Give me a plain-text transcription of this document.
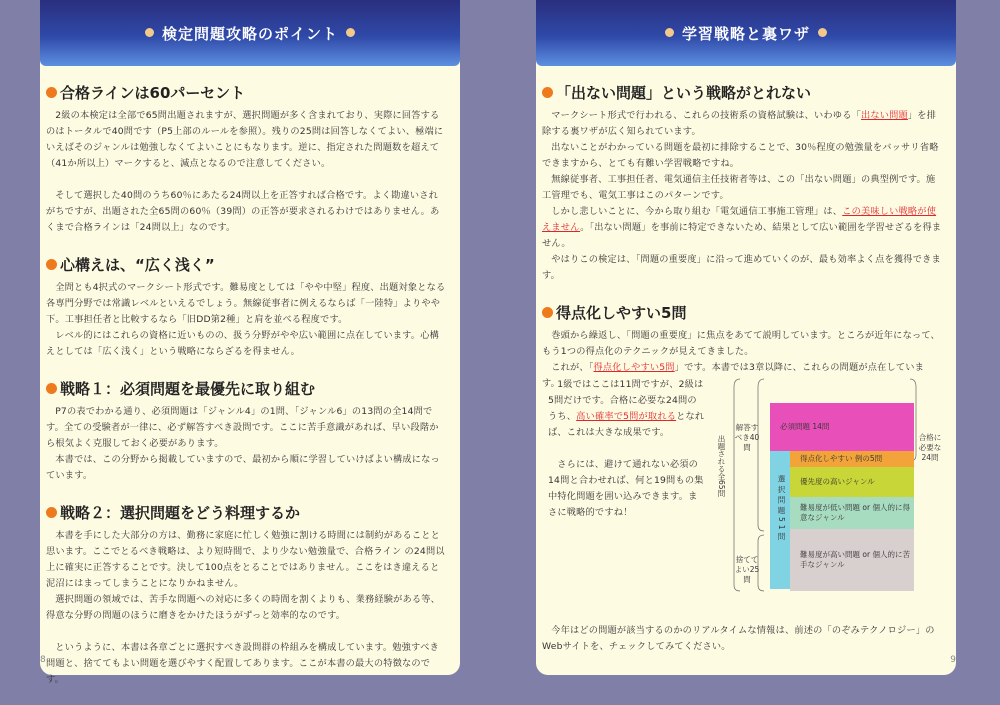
検定問題攻略のポイント
合格ラインは60パーセント
2級の本検定は全部で65問出題されますが、選択問題が多く含まれており、実際に回答するのはトータルで40問です（P5上部のルールを参照）。残りの25問は回答しなくてよい、極端にいえばそのジャンルは勉強しなくてよいことにもなります。逆に、指定された問題数を超えて（41か所以上）マークすると、減点となるので注意してください。
そして選択した40問のうち60％にあたる24問以上を正答すれば合格です。よく勘違いされがちですが、出題された全65問の60％（39問）の正答が要求されるわけではありません。あくまで合格ラインは「24問以上」なのです。
心構えは、“広く浅く”
全問とも4択式のマークシート形式です。難易度としては「やや中堅」程度、出題対象となる各専門分野では常識レベルといえるでしょう。無線従事者に例えるならば「一陸特」よりやや下。工事担任者と比較するなら「旧DD第2種」と肩を並べる程度です。
レベル的にはこれらの資格に近いものの、扱う分野がやや広い範囲に点在しています。心構えとしては「広く浅く」という戦略にならざるを得ません。
戦略１：必須問題を最優先に取り組む
P7の表でわかる通り、必須問題は「ジャンル4」の1問、「ジャンル6」の13問の全14問です。全ての受験者が一律に、必ず解答すべき設問です。ここに苦手意識があれば、早い段階から根気よく克服しておく必要があります。
本書では、この分野から掲載していますので、最初から順に学習していけばよい構成になっています。
戦略２：選択問題をどう料理するか
本書を手にした大部分の方は、勤務に家庭に忙しく勉強に割ける時間には制約があることと思います。ここでとるべき戦略は、より短時間で、より少ない勉強量で、合格ライン の24問以上に確実に正答することです。決して100点をとることではありません。ここをはき違えると泥沼にはまってしまうことになりかねません。
選択問題の領域では、苦手な問題への対応に多くの時間を割くよりも、業務経験がある等、得意な分野の問題のほうに磨きをかけたほうがずっと効率的なのです。
というように、本書は各章ごとに選択すべき設問群の枠組みを構成しています。勉強すべき問題と、捨ててもよい問題を選びやすく配置してあります。ここが本書の最大の特徴なのです。
8
学習戦略と裏ワザ
「出ない問題」という戦略がとれない
マークシート形式で行われる、これらの技術系の資格試験は、いわゆる「出ない問題」を排除する裏ワザが広く知られています。
出ないことがわかっている問題を最初に排除することで、30％程度の勉強量をバッサリ省略できますから、とても有難い学習戦略ですね。
無線従事者、工事担任者、電気通信主任技術者等は、この「出ない問題」の典型例です。施工管理でも、電気工事はこのパターンです。
しかし悲しいことに、今から取り組む「電気通信工事施工管理」は、この美味しい戦略が使えません。「出ない問題」を事前に特定できないため、結果として広い範囲を学習せざるを得ません。
やはりこの検定は、「問題の重要度」に沿って進めていくのが、最も効率よく点を獲得できます。
得点化しやすい5問
巻頭から繰返し、「問題の重要度」に焦点をあてて説明しています。ところが近年になって、もう1つの得点化のテクニックが見えてきました。
これが、「得点化しやすい5問」です。本書では3章以降に、これらの問題が点在しています。
1級ではここは11問ですが、2級は5問だけです。合格に必要な24問のうち、高い確率で5問が取れるとなれば、これは大きな成果です。
さらには、避けて通れない必須の14問と合わせれば、何と19問もの集中特化問題を囲い込みできます。まさに戦略的ですね！
出題される全65問
解答すべき40問
捨ててよい25問
合格に必要な24問
選択問題51問
必須問題 14問
得点化しやすい 例の5問
優先度の高いジャンル
難易度が低い問題 or 個人的に得意なジャンル
難易度が高い問題 or 個人的に苦手なジャンル
今年はどの問題が該当するのかのリアルタイムな情報は、前述の「のぞみテクノロジー」のWebサイトを、チェックしてみてください。
9
